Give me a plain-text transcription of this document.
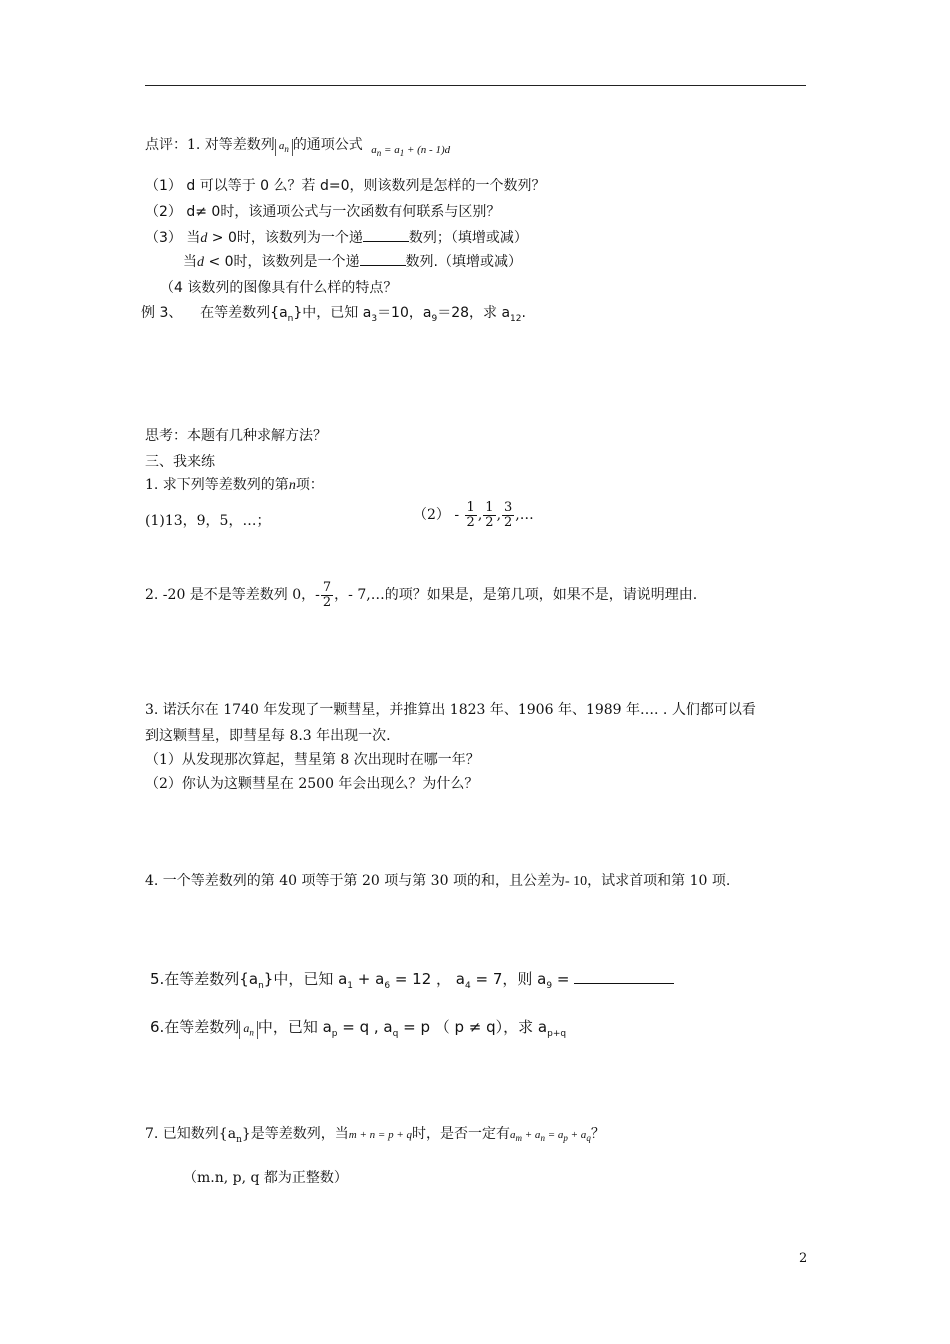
点评：1. 对等差数列 $a_n$ 的通项公式 $_{a_n = a_1 + (n - 1)d}$
（1） d 可以等于 0 么？若 d=0，则该数列是怎样的一个数列？
（2） d≠ 0时，该通项公式与一次函数有何联系与区别？
（3） 当d > 0时，该数列为一个递	数列；（填增或减）
当d < 0时，该数列是一个递	数列.（填增或减）
（4 该数列的图像具有什么样的特点？
例 3、 在等差数列$\{a_n\}$中，已知 $a_3=10$，$a_9=28$，求 $a_{12}$.
思考：本题有几种求解方法？
三、我来练
1. 求下列等差数列的第n项：
(1)13，9，5，…；	$(2) - \frac{1}{2}$ , $\frac{1}{2}$ , $\frac{3}{2}$ ,…
2. -20 是不是等差数列 0，- $\frac{7}{2}$ ，- 7,…的项？如果是，是第几项，如果不是，请说明理由.
3. 诺沃尔在 1740 年发现了一颗彗星，并推算出 1823 年、1906 年、1989 年…. . 人们都可以看
到这颗彗星，即彗星每 8.3 年出现一次.
（1）从发现那次算起，彗星第 8 次出现时在哪一年？
（2）你认为这颗彗星在 2500 年会出现么？为什么？
4. 一个等差数列的第 40 项等于第 20 项与第 30 项的和，且公差为- 10，试求首项和第 10 项.
5.在等差数列$\{a_n\}$中，已知 $a_1 + a_6 = 12$ ， $a_4 = 7$，则 $a_9$ =
6.在等差数列 $a_n$ 中，已知 $a_p = q$ , $a_q = p$ （ p ≠ q），求 $a_{p+q}$
7. 已知数列$\{a_n\}$是等差数列，当m + n = p + q时，是否一定有$a_m + a_n = a_p + a_q$？
（m.n, p, q 都为正整数）
2
